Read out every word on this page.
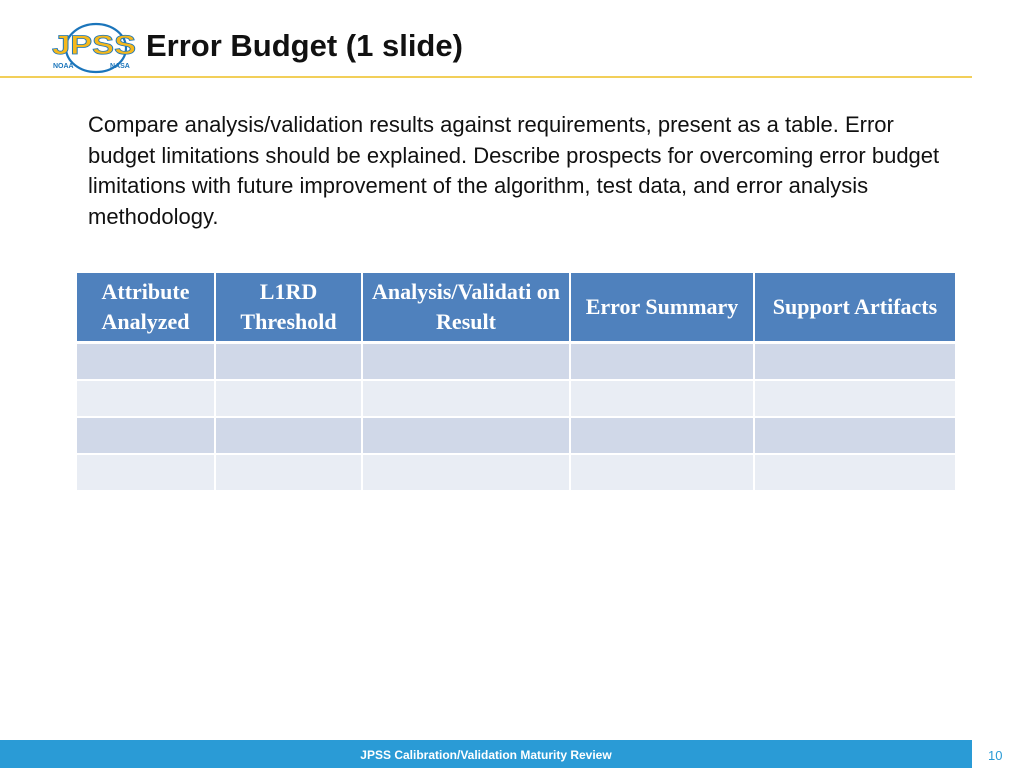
JPSS
NOAA	NASA
Error Budget (1 slide)
Compare analysis/validation results against requirements, present as a table. Error budget limitations should be explained. Describe prospects for overcoming error budget limitations with future improvement of the algorithm, test data, and error analysis methodology.
Attribute Analyzed	L1RD Threshold	Analysis/Validati on Result	Error Summary	Support Artifacts

JPSS Calibration/Validation Maturity Review	10
